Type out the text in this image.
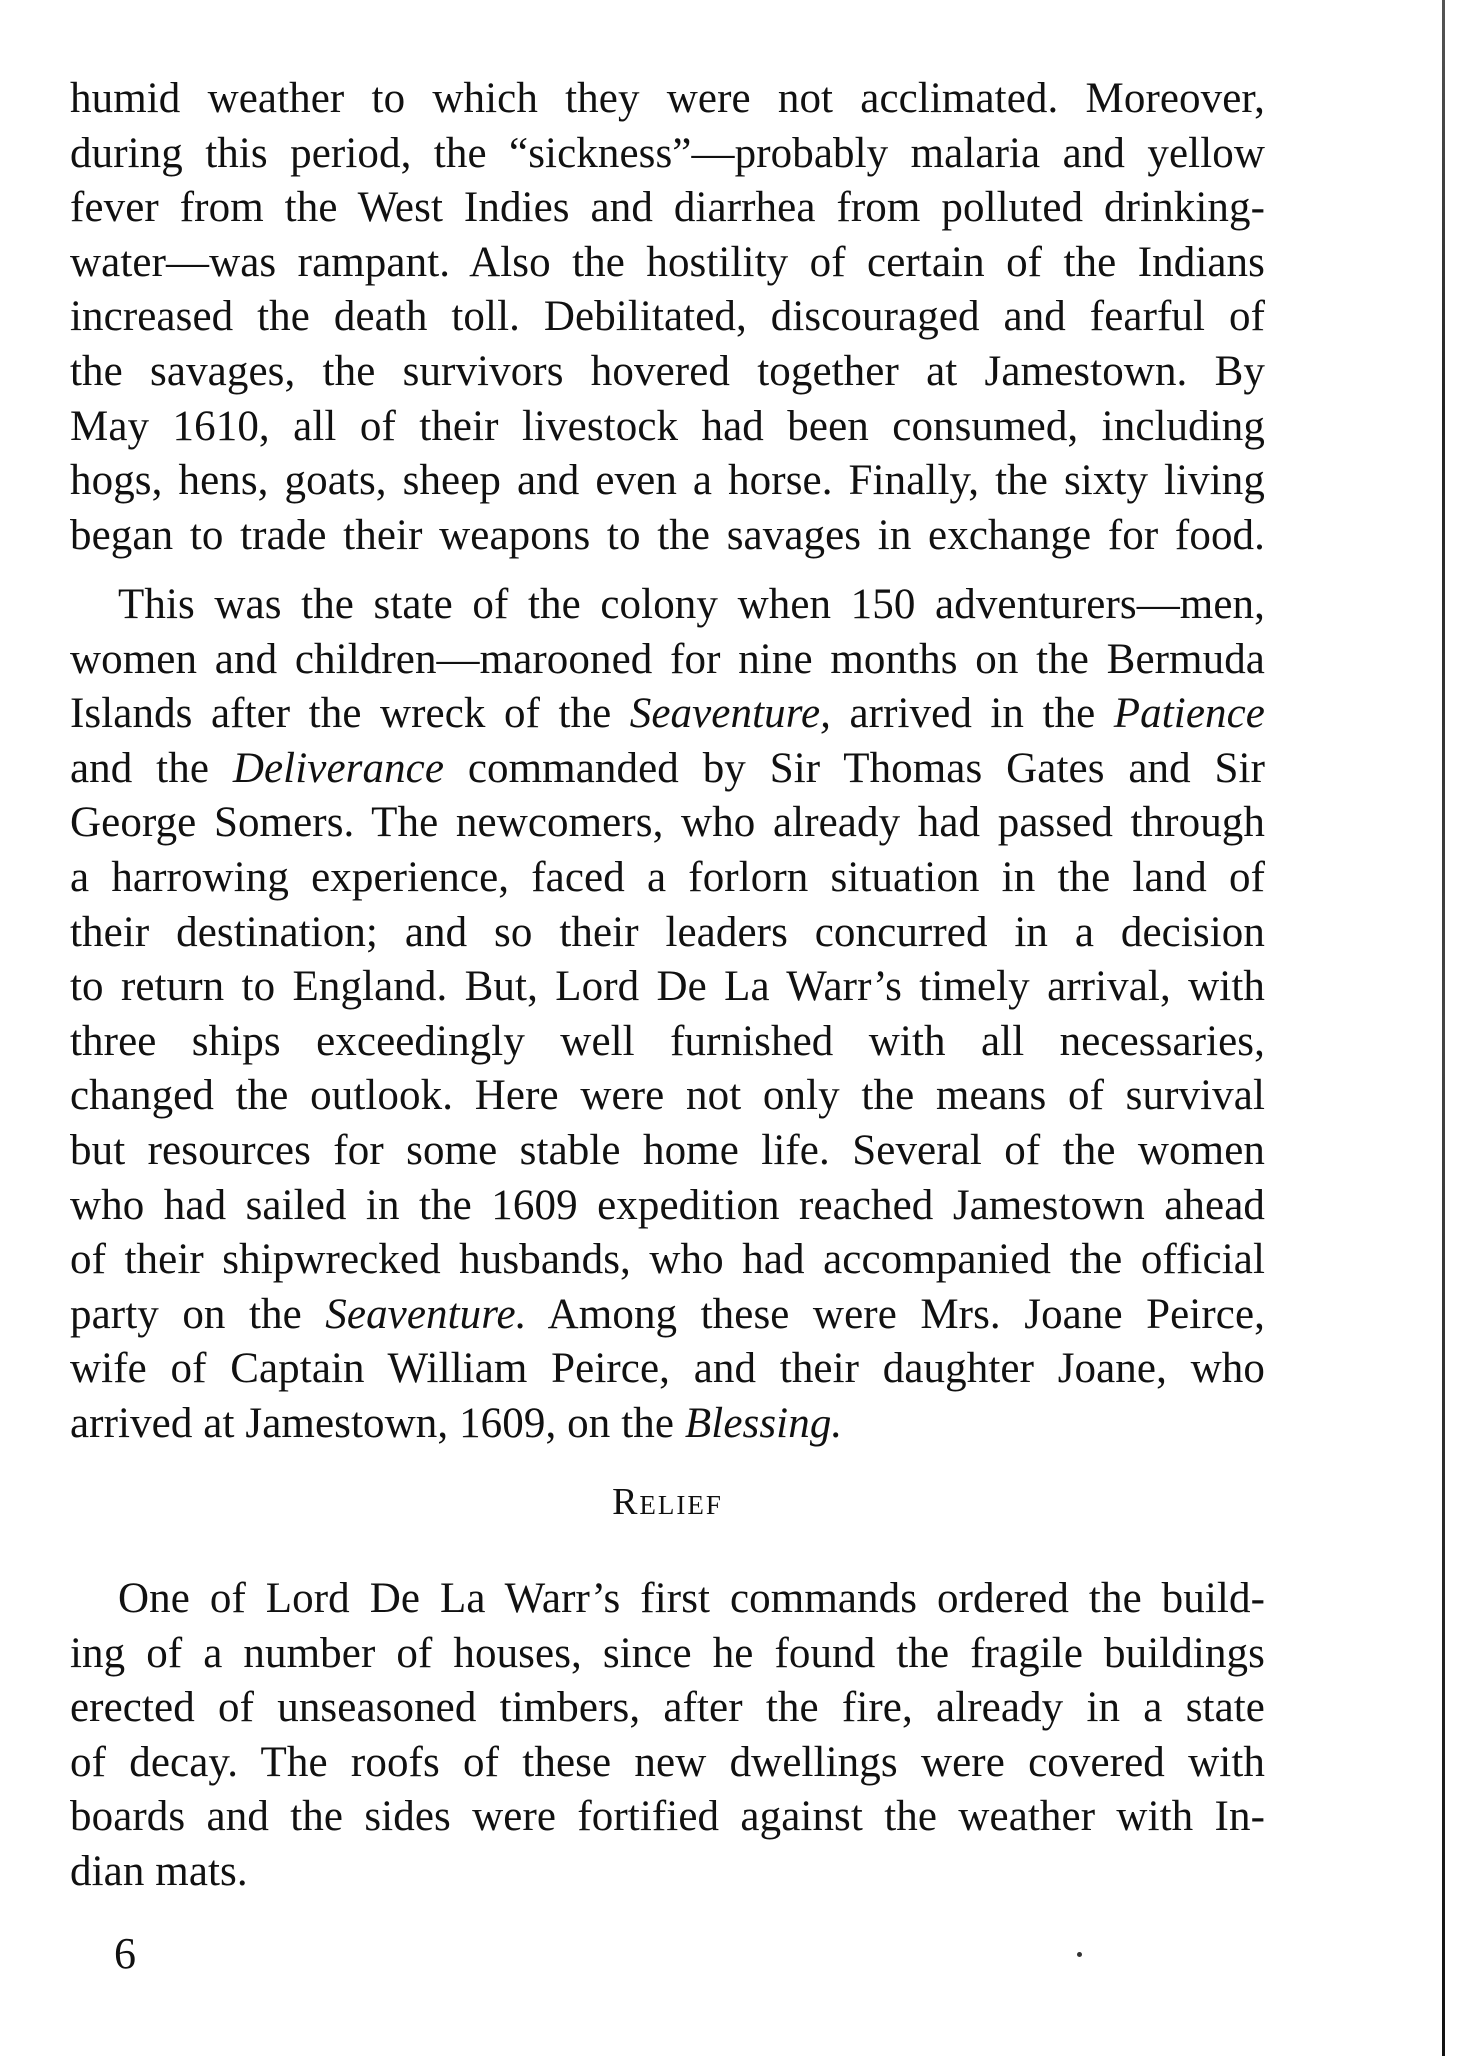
humid weather to which they were not acclimated. Moreover,
during this period, the “sickness”—probably malaria and yellow
fever from the West Indies and diarrhea from polluted drinking-
water—was rampant. Also the hostility of certain of the Indians
increased the death toll. Debilitated, discouraged and fearful of
the savages, the survivors hovered together at Jamestown. By
May 1610, all of their livestock had been consumed, including
hogs, hens, goats, sheep and even a horse. Finally, the sixty living
began to trade their weapons to the savages in exchange for food.
This was the state of the colony when 150 adventurers—men,
women and children—marooned for nine months on the Bermuda
Islands after the wreck of the Seaventure, arrived in the Patience
and the Deliverance commanded by Sir Thomas Gates and Sir
George Somers. The newcomers, who already had passed through
a harrowing experience, faced a forlorn situation in the land of
their destination; and so their leaders concurred in a decision
to return to England. But, Lord De La Warr’s timely arrival, with
three ships exceedingly well furnished with all necessaries,
changed the outlook. Here were not only the means of survival
but resources for some stable home life. Several of the women
who had sailed in the 1609 expedition reached Jamestown ahead
of their shipwrecked husbands, who had accompanied the official
party on the Seaventure. Among these were Mrs. Joane Peirce,
wife of Captain William Peirce, and their daughter Joane, who
arrived at Jamestown, 1609, on the Blessing.
Relief
One of Lord De La Warr’s first commands ordered the build-
ing of a number of houses, since he found the fragile buildings
erected of unseasoned timbers, after the fire, already in a state
of decay. The roofs of these new dwellings were covered with
boards and the sides were fortified against the weather with In-
dian mats.
6
